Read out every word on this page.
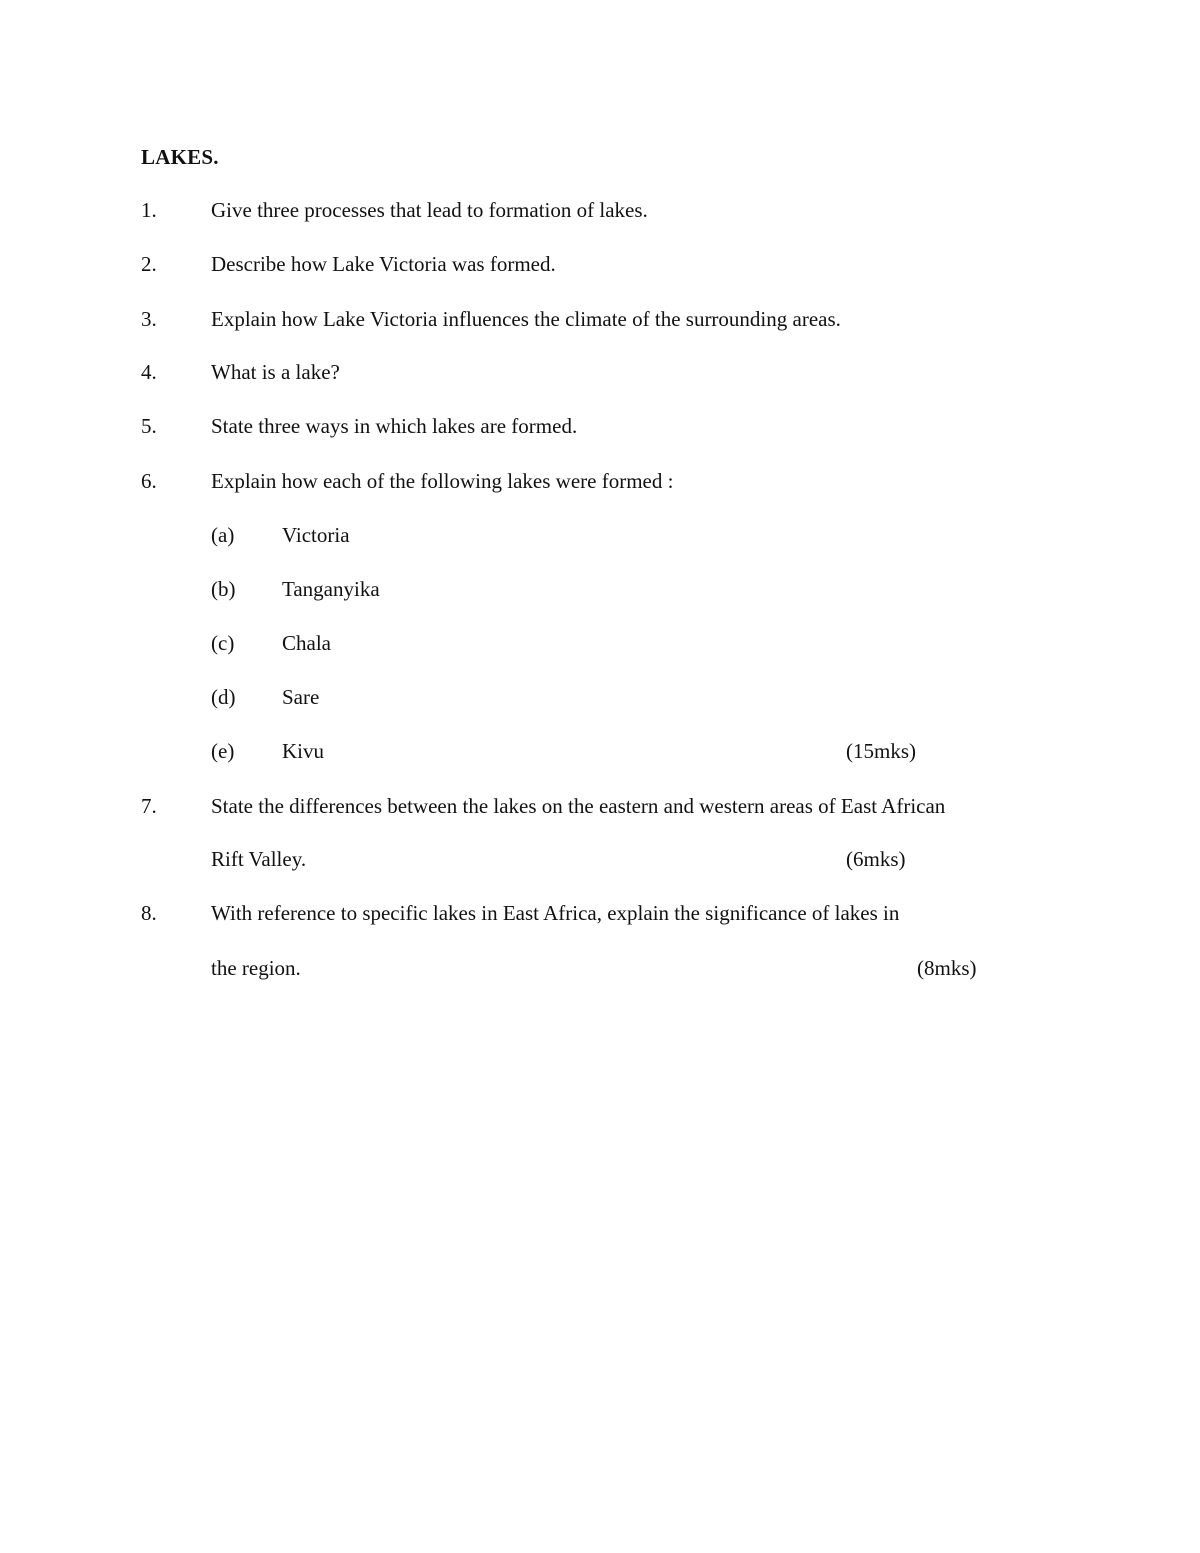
LAKES.
1.	Give three processes that lead to formation of lakes.
2.	Describe how Lake Victoria was formed.
3.	Explain how Lake Victoria influences the climate of the surrounding areas.
4.	What is a lake?
5.	State three ways in which lakes are formed.
6.	Explain how each of the following lakes were formed :
(a) Victoria
(b) Tanganyika
(c) Chala
(d) Sare
(e) Kivu	(15mks)
7.	State the differences between the lakes on the eastern and western areas of East African
Rift Valley.	(6mks)
8.	With reference to specific lakes in East Africa, explain the significance of lakes in
the region.	(8mks)
